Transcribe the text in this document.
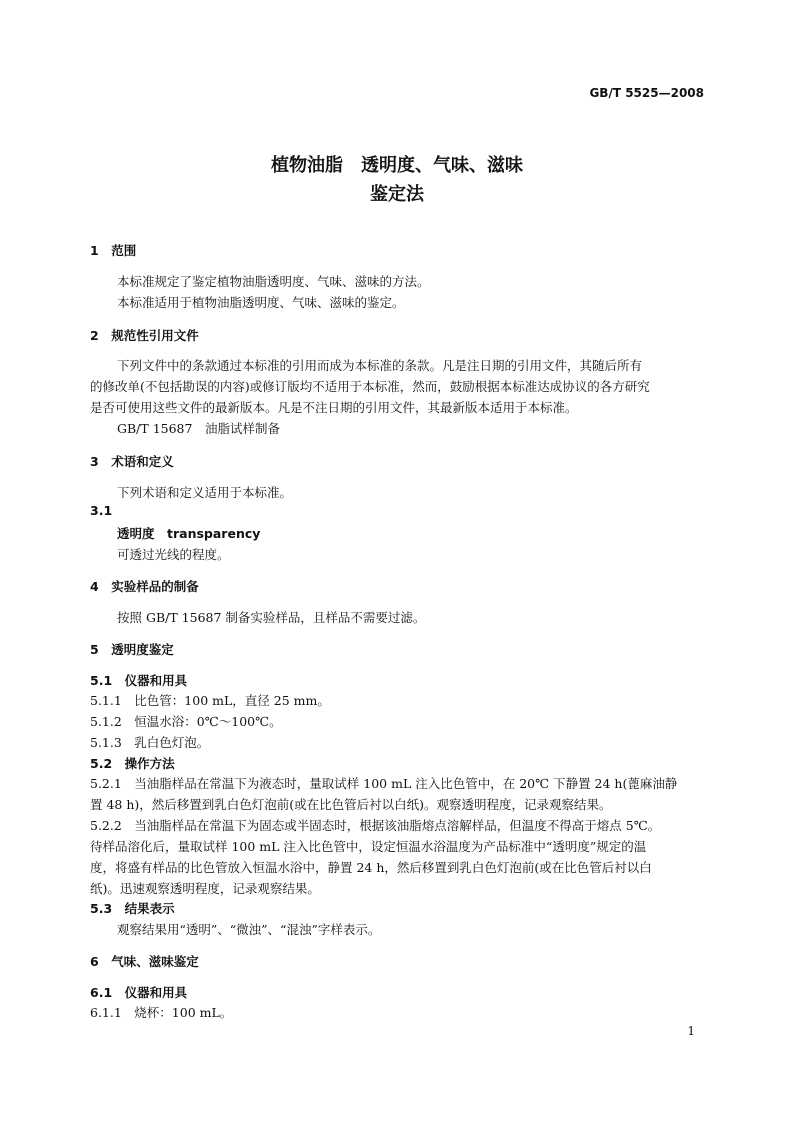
GB/T 5525—2008
植物油脂　透明度、气味、滋味
鉴定法
1　范围
本标准规定了鉴定植物油脂透明度、气味、滋味的方法。
本标准适用于植物油脂透明度、气味、滋味的鉴定。
2　规范性引用文件
下列文件中的条款通过本标准的引用而成为本标准的条款。凡是注日期的引用文件，其随后所有
的修改单(不包括勘误的内容)或修订版均不适用于本标准，然而，鼓励根据本标准达成协议的各方研究
是否可使用这些文件的最新版本。凡是不注日期的引用文件，其最新版本适用于本标准。
GB/T 15687　油脂试样制备
3　术语和定义
下列术语和定义适用于本标准。
3.1
透明度　transparency
可透过光线的程度。
4　实验样品的制备
按照 GB/T 15687 制备实验样品，且样品不需要过滤。
5　透明度鉴定
5.1　仪器和用具
5.1.1　比色管：100 mL，直径 25 mm。
5.1.2　恒温水浴：0℃～100℃。
5.1.3　乳白色灯泡。
5.2　操作方法
5.2.1　当油脂样品在常温下为液态时，量取试样 100 mL 注入比色管中，在 20℃ 下静置 24 h(蓖麻油静
置 48 h)，然后移置到乳白色灯泡前(或在比色管后衬以白纸)。观察透明程度，记录观察结果。
5.2.2　当油脂样品在常温下为固态或半固态时，根据该油脂熔点溶解样品，但温度不得高于熔点 5℃。
待样品溶化后，量取试样 100 mL 注入比色管中，设定恒温水浴温度为产品标准中“透明度”规定的温
度，将盛有样品的比色管放入恒温水浴中，静置 24 h，然后移置到乳白色灯泡前(或在比色管后衬以白
纸)。迅速观察透明程度，记录观察结果。
5.3　结果表示
观察结果用“透明”、“微浊”、“混浊”字样表示。
6　气味、滋味鉴定
6.1　仪器和用具
6.1.1　烧杯：100 mL。
1
